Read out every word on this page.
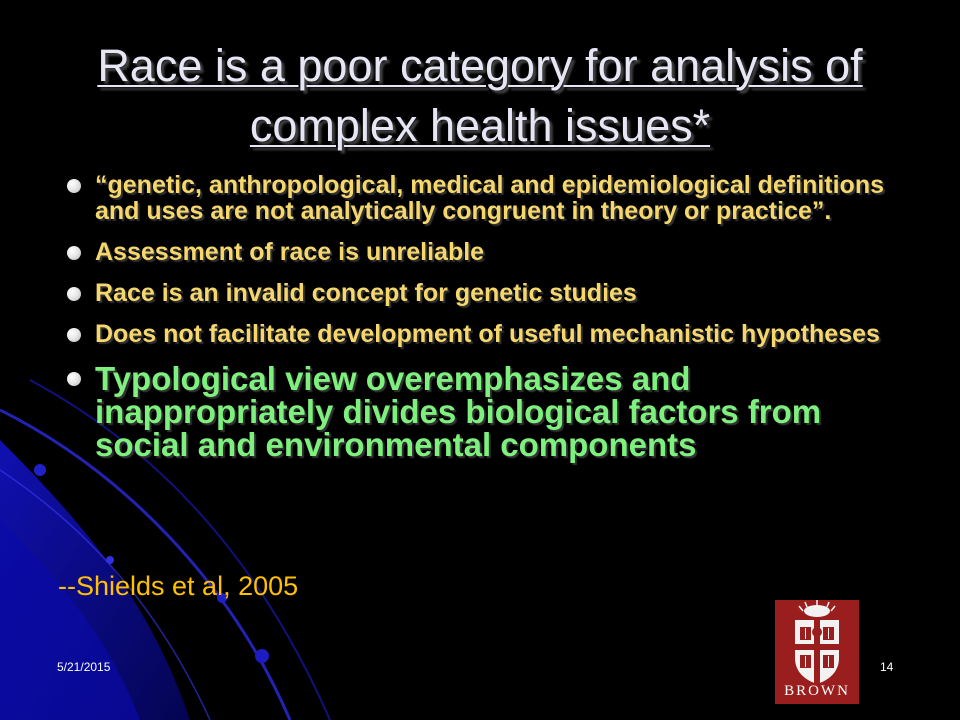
Race is a poor category for analysis of complex health issues*
“genetic, anthropological, medical and epidemiological definitions and uses are not analytically congruent in theory or practice”.
Assessment of race is unreliable
Race is an invalid concept for genetic studies
Does not facilitate development of useful mechanistic hypotheses
Typological view overemphasizes and inappropriately divides biological factors from social and environmental components
--Shields et al, 2005
5/21/2015	14
BROWN
